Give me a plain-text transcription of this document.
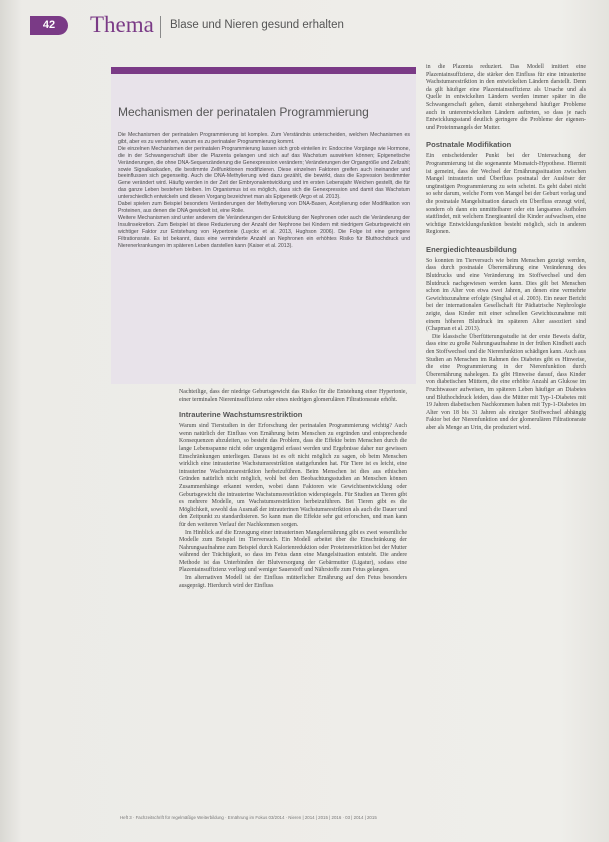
42	Thema Blase und Nieren gesund erhalten
Mechanismen der perinatalen Programmierung

Die Mechanismen der perinatalen Programmierung ist komplex. Zum Verständnis unterscheiden, welchen Mechanismen es gibt, aber es zu verstehen, warum es zu perinataler Programmierung kommt.

Die einzelnen Mechanismen der perinatalen Programmierung lassen sich grob einteilen in: Endocrine Vorgänge wie Hormone, die in der Schwangerschaft über die Plazenta gelangen und sich auf das Wachstum auswirken können; Epigenetische Veränderungen, die ohne DNA-Sequenzänderung die Genexpression verändern; Veränderungen der Organgröße und Zellzahl; sowie Signalkaskaden, die bestimmte Zellfunktionen modifizieren. Diese einzelnen Faktoren greifen auch ineinander und beeinflussen sich gegenseitig. Auch die DNA-Methylierung wird dazu gezählt, die bewirkt, dass die Expression bestimmter Gene verändert wird. Häufig werden in der Zeit der Embryonalentwicklung und im ersten Lebensjahr Weichen gestellt, die für das ganze Leben bestehen bleiben. Im Organismus ist es möglich, dass sich die Genexpression und damit das Wachstum unterschiedlich entwickeln und diesen Vorgang bezeichnet man als Epigenetik (Argo et al. 2013).

Dabei spielen zum Beispiel besonders Veränderungen der Methylierung von DNA-Basen, Acetylierung oder Modifikation von Proteinen, aus denen die DNA gewickelt ist, eine Rolle.

Weitere Mechanismen sind unter anderem die Veränderungen der Entwicklung der Nephronen oder auch die Veränderung der Insulinsekretion. Zum Beispiel ist diese Reduzierung der Anzahl der Nephrone bei Kindern mit niedrigem Geburtsgewicht ein wichtiger Faktor zur Entstehung von Hypertonie (Luyckx et al. 2013, Hughson 2006). Die Folge ist eine geringere Filtrationsrate. Es ist bekannt, dass eine verminderte Anzahl an Nephronen ein erhöhtes Risiko für Bluthochdruck und Nierenerkrankungen im späteren Leben darstellen kann (Kaiser et al. 2013).

Nachteilige, dass der niedrige Geburtsgewicht das Risiko für die Entstehung einer Hypertonie, einer terminalen Niereninsuffizienz oder eines niedrigen glomerulären Filtrationsrate erhöht.

Intrauterine Wachstumsrestriktion

Warum sind Tierstudien in der Erforschung der perinatalen Programmierung wichtig? Auch wenn natürlich der Einfluss von Ernährung beim Menschen zu ergründen und entsprechende Konsequenzen abzuleiten, so besteht das Problem, dass die Effekte beim Menschen durch die lange Lebensspanne nicht oder ungenügend erfasst werden und Ergebnisse daher nur gewissen Einschränkungen unterliegen. Daraus ist es oft nicht möglich zu sagen, ob beim Menschen wirklich eine intrauterine Wachstumsrestriktion stattgefunden hat. Für Tiere ist es leicht, eine intrauterine Wachstumsrestriktion herbeizuführen. Beim Menschen ist dies aus ethischen Gründen natürlich nicht möglich, wohl bei den Beobachtungsstudien an Menschen können Zusammenhänge erkannt werden, wobei dann Faktoren wie Gewichtsentwicklung oder Geburtsgewicht die intrauterine Wachstumsrestriktion widerspiegeln. Für Studien an Tieren gibt es mehrere Modelle, um Wachstumsrestriktion herbeizuführen. Bei Tieren gibt es die Möglichkeit, sowohl das Ausmaß der intrauterinen Wachstumsrestriktion als auch die Dauer und den Zeitpunkt zu standardisieren. So kann man die Effekte sehr gut erforschen, und man kann für den weiteren Verlauf der Nachkommen sorgen.

Im Hinblick auf die Erzeugung einer intrauterinen Mangelernährung gibt es zwei wesentliche Modelle zum Beispiel im Tierversuch. Ein Modell arbeitet über die Einschränkung der Nahrungsaufnahme zum Beispiel durch Kalorienreduktion oder Proteinrestriktion bei der Mutter während der Trächtigkeit, so dass im Fetus dann eine Mangelsituation entsteht. Die andere Methode ist das Unterbinden der Blutversorgung der Gebärmutter (Ligatur), sodass eine Plazentainsuffizienz vorliegt und weniger Sauerstoff und Nährstoffe zum Fetus gelangen.

Im alternativen Modell ist der Einfluss mütterlicher Ernährung auf den Fetus besonders ausgeprägt. Hierdurch wird der Einfluss

in die Plazenta reduziert. Das Modell imitiert eine Plazentainsuffizienz, die stärker den Einfluss für eine intrauterine Wachstumsrestriktion in den entwickelten Ländern darstellt. Denn da gilt häufiger eine Plazentainsuffizienz als Ursache und als Quelle in entwickelten Ländern werden immer später in die Schwangerschaft gehen, damit einhergehend häufiger Probleme auch in unterentwickelten Ländern auftreten, so dass je nach Entwicklungsstand deutlich geringere die Probleme der eigenen- und Proteinmangels der Mutter.

Postnatale Modifikation

Ein entscheidender Punkt bei der Untersuchung der Programmierung ist die sogenannte Mismatch-Hypothese. Hiermit ist gemeint, dass der Wechsel der Ernährungssituation zwischen Mangel intrauterin und Überfluss postnatal der Auslöser der ungünstigen Programmierung zu sein scheint. Es geht dabei nicht so sehr darum, welche Form von Mangel bei der Geburt vorlag und die postnatale Mangelsituation danach ein Überfluss erzeugt wird, sondern ob dann ein unmittelbarer oder ein langsames Aufholen stattfindet, mit welchem Energieanteil die Kinder aufwachsen, eine wichtige Entwicklungsfunktion besteht möglich, sich in anderen Regionen.

Energiedichteausbildung

So konnten im Tierversuch wie beim Menschen gezeigt werden, dass durch postnatale Überernährung eine Veränderung des Blutdrucks und eine Veränderung im Stoffwechsel und den Blutdruck nachgewiesen werden kann. Dies gilt bei Menschen schon im Alter von etwa zwei Jahren, an denen eine vermehrte Gewichtszunahme erfolgte (Singhal et al. 2003). Ein neuer Bericht bei der internationalen Gesellschaft für Pädiatrische Nephrologie zeigte, dass Kinder mit einer schnellen Gewichtszunahme mit einem höheren Blutdruck im späteren Alter assoziiert sind (Chapman et al. 2013).

Die klassische Überfütterungsstudie ist der erste Beweis dafür, dass eine zu große Nahrungsaufnahme in der frühen Kindheit auch den Stoffwechsel und die Nierenfunktion schädigen kann. Auch aus Studien an Menschen im Rahmen des Diabetes gibt es Hinweise, die eine Programmierung in der Nierenfunktion durch Überernährung nahelegen. Es gibt Hinweise darauf, dass Kinder von diabetischen Müttern, die eine erhöhte Anzahl an Glukose im Fruchtwasser aufweisen, im späteren Leben häufiger an Diabetes und Bluthochdruck leiden, dass die Mütter mit Typ-1-Diabetes mit 19 Jahren diabetischen Nachkommen haben mit Typ-1-Diabetes im Alter von 18 bis 31 Jahren als einziger Stoffwechsel abhängig Faktor bei der Nierenfunktion und der glomerulären Filtrationsrate aber als Menge an Urin, die produziert wird.

Heft 3 · Fachzeitschrift für regelmäßige Weiterbildung · Ernährung im Fokus 03/2014 · Nieren | 2014 | 2015 | 2016 · 03 | 2014 | 2015
